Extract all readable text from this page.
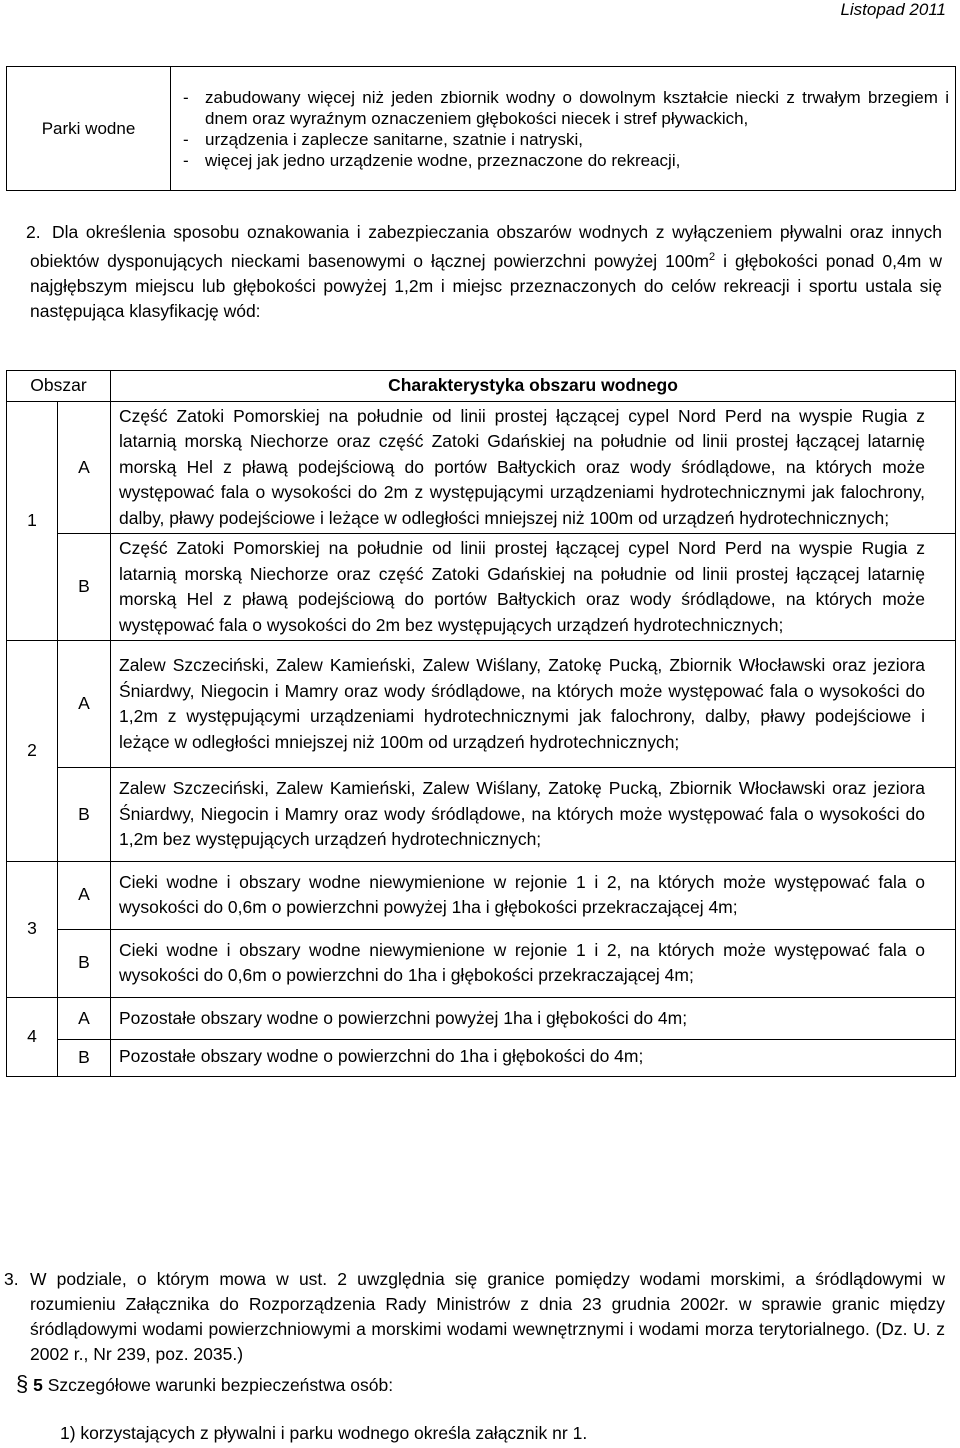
Listopad 2011
Parki wodne	
- zabudowany więcej niż jeden zbiornik wodny o dowolnym kształcie niecki z trwałym brzegiem i dnem oraz wyraźnym oznaczeniem głębokości niecek i stref pływackich,
- urządzenia i zaplecze sanitarne, szatnie i natryski,
- więcej jak jedno urządzenie wodne, przeznaczone do rekreacji,
2. Dla określenia sposobu oznakowania i zabezpieczania obszarów wodnych z wyłączeniem pływalni oraz innych obiektów dysponujących nieckami basenowymi o łącznej powierzchni powyżej $100m^2$ i głębokości ponad 0,4m w najgłębszym miejscu lub głębokości powyżej 1,2m i miejsc przeznaczonych do celów rekreacji i sportu ustala się następująca klasyfikację wód:
Obszar		Charakterystyka obszaru wodnego
1	A	Część Zatoki Pomorskiej na południe od linii prostej łączącej cypel Nord Perd na wyspie Rugia z latarnią morską Niechorze oraz część Zatoki Gdańskiej na południe od linii prostej łączącej latarnię morską Hel z pławą podejściową do portów Bałtyckich oraz wody śródlądowe, na których może występować fala o wysokości do 2m z występującymi urządzeniami hydrotechnicznymi jak falochrony, dalby, pławy podejściowe i leżące w odległości mniejszej niż 100m od urządzeń hydrotechnicznych;
	B	Część Zatoki Pomorskiej na południe od linii prostej łączącej cypel Nord Perd na wyspie Rugia z latarnią morską Niechorze oraz część Zatoki Gdańskiej na południe od linii prostej łączącej latarnię morską Hel z pławą podejściową do portów Bałtyckich oraz wody śródlądowe, na których może występować fala o wysokości do 2m bez występujących urządzeń hydrotechnicznych;
2	A	Zalew Szczeciński, Zalew Kamieński, Zalew Wiślany, Zatokę Pucką, Zbiornik Włocławski oraz jeziora Śniardwy, Niegocin i Mamry oraz wody śródlądowe, na których może występować fala o wysokości do 1,2m z występującymi urządzeniami hydrotechnicznymi jak falochrony, dalby, pławy podejściowe i leżące w odległości mniejszej niż 100m od urządzeń hydrotechnicznych;
	B	Zalew Szczeciński, Zalew Kamieński, Zalew Wiślany, Zatokę Pucką, Zbiornik Włocławski oraz jeziora Śniardwy, Niegocin i Mamry oraz wody śródlądowe, na których może występować fala o wysokości do 1,2m bez występujących urządzeń hydrotechnicznych;
3	A	Cieki wodne i obszary wodne niewymienione w rejonie 1 i 2, na których może występować fala o wysokości do 0,6m o powierzchni powyżej 1ha i głębokości przekraczającej 4m;
	B	Cieki wodne i obszary wodne niewymienione w rejonie 1 i 2, na których może występować fala o wysokości do 0,6m o powierzchni do 1ha i głębokości przekraczającej 4m;
4	A	Pozostałe obszary wodne o powierzchni powyżej 1ha i głębokości do 4m;
	B	Pozostałe obszary wodne o powierzchni do 1ha i głębokości do 4m;
3. W podziale, o którym mowa w ust. 2 uwzględnia się granice pomiędzy wodami morskimi, a śródlądowymi w rozumieniu Załącznika do Rozporządzenia Rady Ministrów z dnia 23 grudnia 2002r. w sprawie granic między śródlądowymi wodami powierzchniowymi a morskimi wodami wewnętrznymi i wodami morza terytorialnego. (Dz. U. z 2002 r., Nr 239, poz. 2035.)
§ 5 Szczegółowe warunki bezpieczeństwa osób:
1) korzystających z pływalni i parku wodnego określa załącznik nr 1.
